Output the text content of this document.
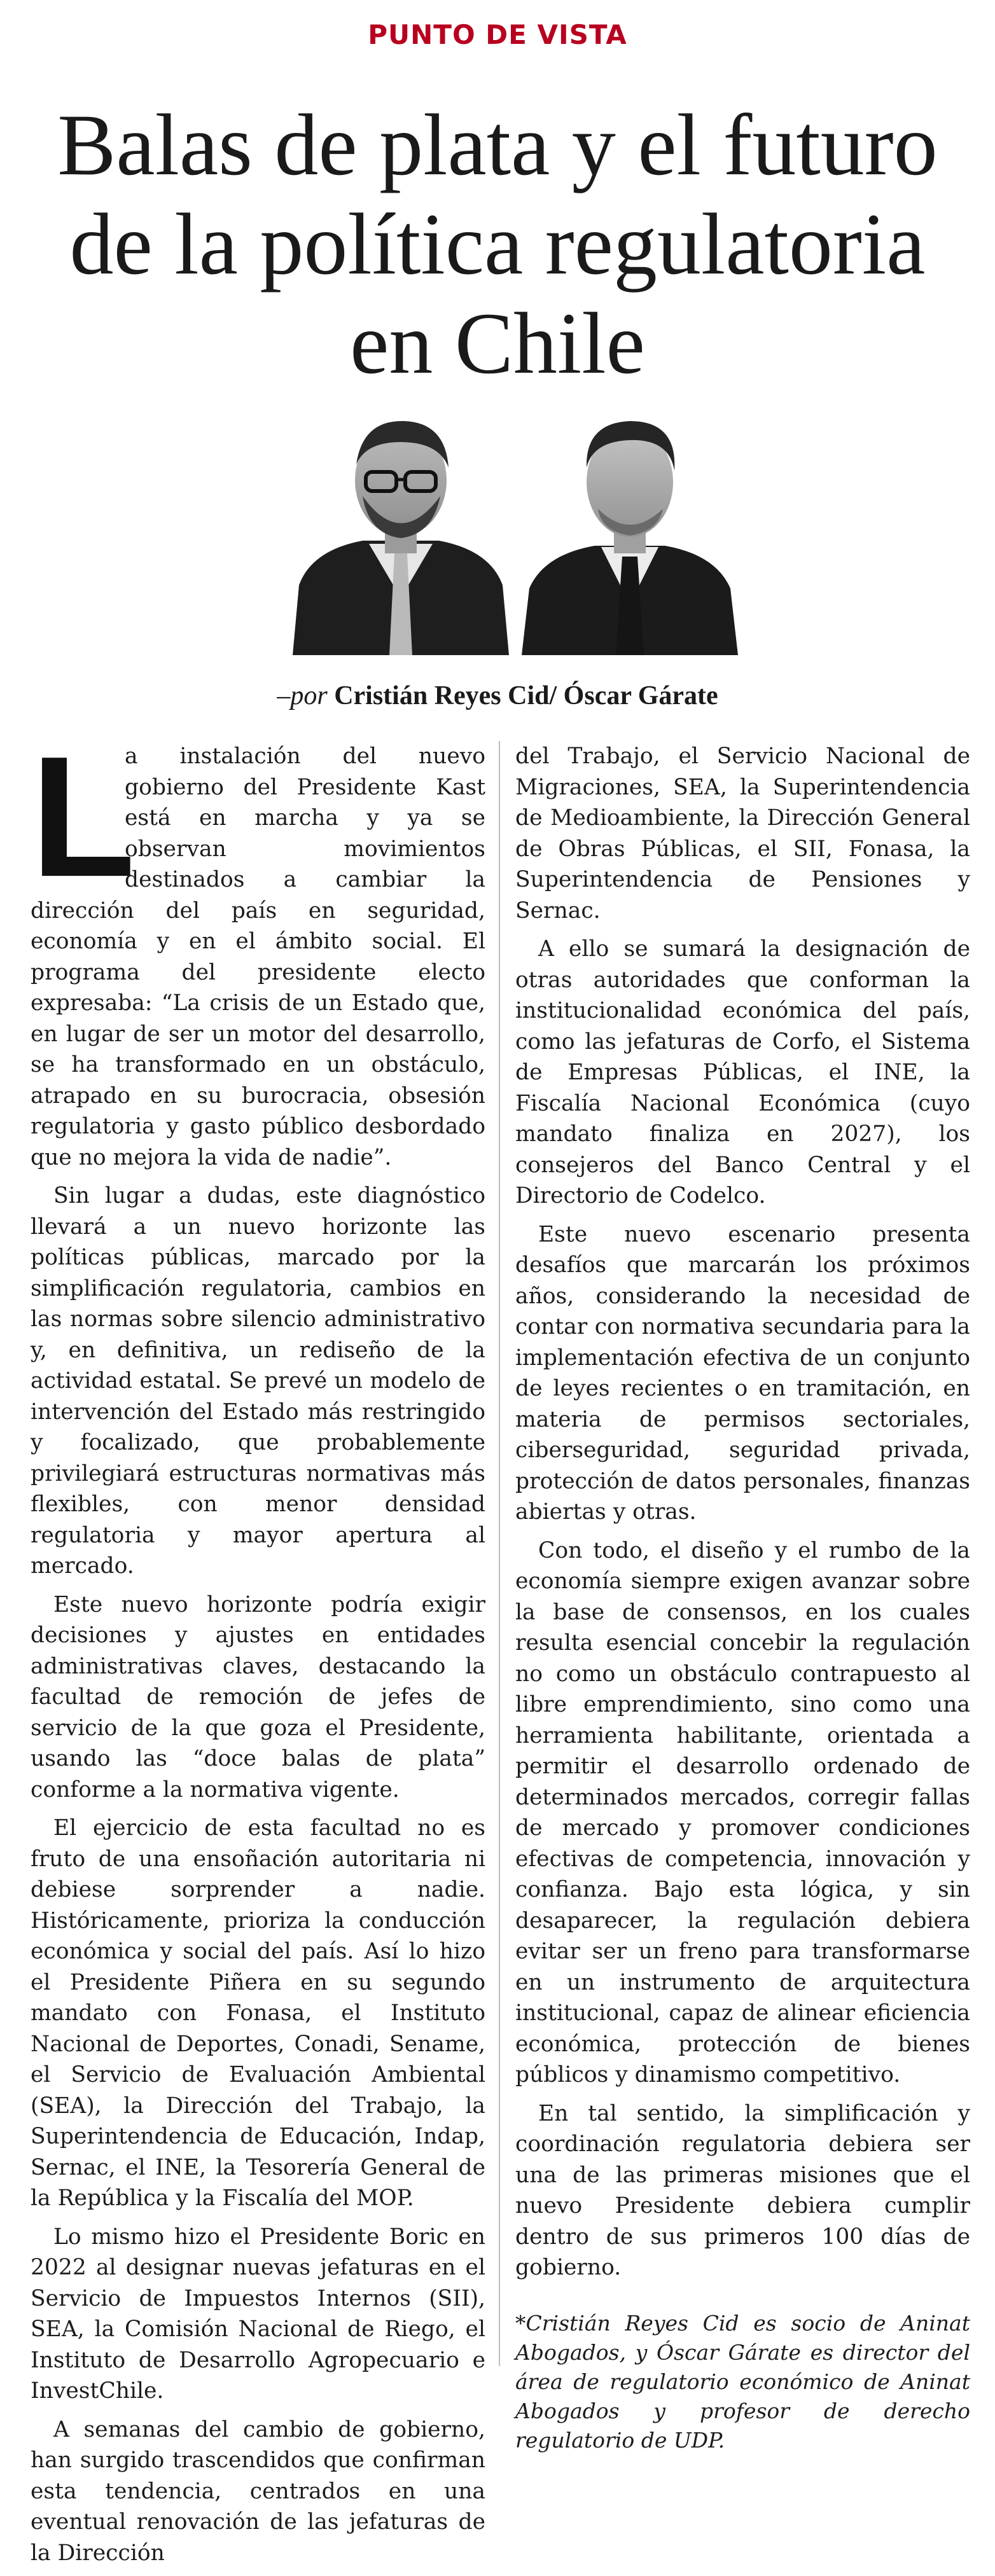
PUNTO DE VISTA
Balas de plata y el futuro de la política regulatoria en Chile
–por Cristián Reyes Cid/ Óscar Gárate
L

a instalación del nuevo gobierno del Presidente Kast está en marcha y ya se observan movimientos destinados a cambiar la dirección del país en seguridad, economía y en el ámbito social. El programa del presidente electo expresaba: “La crisis de un Estado que, en lugar de ser un motor del desarrollo, se ha transformado en un obstáculo, atrapado en su burocracia, obsesión regulatoria y gasto público desbordado que no mejora la vida de nadie”.

Sin lugar a dudas, este diagnóstico llevará a un nuevo horizonte las políticas públicas, marcado por la simplificación regulatoria, cambios en las normas sobre silencio administrativo y, en definitiva, un rediseño de la actividad estatal. Se prevé un modelo de intervención del Estado más restringido y focalizado, que probablemente privilegiará estructuras normativas más flexibles, con menor densidad regulatoria y mayor apertura al mercado.

Este nuevo horizonte podría exigir decisiones y ajustes en entidades administrativas claves, destacando la facultad de remoción de jefes de servicio de la que goza el Presidente, usando las “doce balas de plata” conforme a la normativa vigente.

El ejercicio de esta facultad no es fruto de una ensoñación autoritaria ni debiese sorprender a nadie. Históricamente, prioriza la conducción económica y social del país. Así lo hizo el Presidente Piñera en su segundo mandato con Fonasa, el Instituto Nacional de Deportes, Conadi, Sename, el Servicio de Evaluación Ambiental (SEA), la Dirección del Trabajo, la Superintendencia de Educación, Indap, Sernac, el INE, la Tesorería General de la República y la Fiscalía del MOP.

Lo mismo hizo el Presidente Boric en 2022 al designar nuevas jefaturas en el Servicio de Impuestos Internos (SII), SEA, la Comisión Nacional de Riego, el Instituto de Desarrollo Agropecuario e InvestChile.

A semanas del cambio de gobierno, han surgido trascendidos que confirman esta tendencia, centrados en una eventual renovación de las jefaturas de la Dirección

del Trabajo, el Servicio Nacional de Migraciones, SEA, la Superintendencia de Medioambiente, la Dirección General de Obras Públicas, el SII, Fonasa, la Superintendencia de Pensiones y Sernac.

A ello se sumará la designación de otras autoridades que conforman la institucionalidad económica del país, como las jefaturas de Corfo, el Sistema de Empresas Públicas, el INE, la Fiscalía Nacional Económica (cuyo mandato finaliza en 2027), los consejeros del Banco Central y el Directorio de Codelco.

Este nuevo escenario presenta desafíos que marcarán los próximos años, considerando la necesidad de contar con normativa secundaria para la implementación efectiva de un conjunto de leyes recientes o en tramitación, en materia de permisos sectoriales, ciberseguridad, seguridad privada, protección de datos personales, finanzas abiertas y otras.

Con todo, el diseño y el rumbo de la economía siempre exigen avanzar sobre la base de consensos, en los cuales resulta esencial concebir la regulación no como un obstáculo contrapuesto al libre emprendimiento, sino como una herramienta habilitante, orientada a permitir el desarrollo ordenado de determinados mercados, corregir fallas de mercado y promover condiciones efectivas de competencia, innovación y confianza. Bajo esta lógica, y sin desaparecer, la regulación debiera evitar ser un freno para transformarse en un instrumento de arquitectura institucional, capaz de alinear eficiencia económica, protección de bienes públicos y dinamismo competitivo.

En tal sentido, la simplificación y coordinación regulatoria debiera ser una de las primeras misiones que el nuevo Presidente debiera cumplir dentro de sus primeros 100 días de gobierno.

*Cristián Reyes Cid es socio de Aninat Abogados, y Óscar Gárate es director del área de regulatorio económico de Aninat Abogados y profesor de derecho regulatorio de UDP.
